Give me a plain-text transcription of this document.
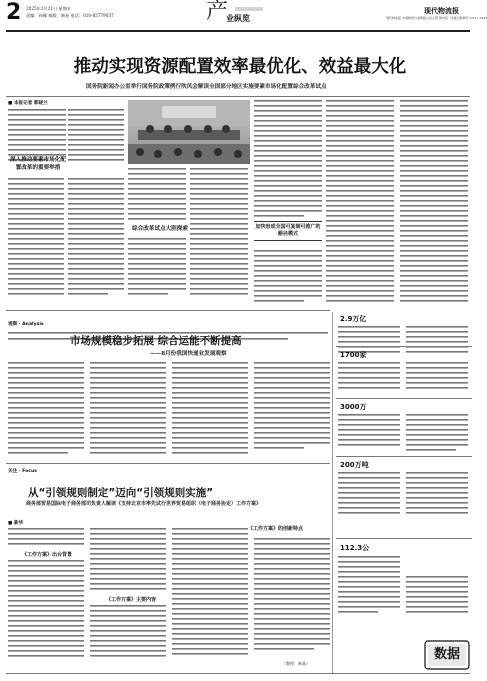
2 2025年3月21日 星期五
责编：孙娜 排版：韩星 电话：010-85779037	产
业纵览
现代物流报
现代物流报 中国物流与采购联合会主管 国内统一连续出版物号 CN11-0245
推动实现资源配置效率最优化、效益最大化
国务院新闻办公室举行国务院政策例行吹风会解读全国部分地区实施要素市场化配置综合改革试点
■ 本报记者 郭晓兰
深入推动要素市场化配置改革的重要举措
综合改革试点大胆探索	加快形成全国可复制可推广的路径模式
观察 · Analysis
市场规模稳步拓展 综合运能不断提高
——8月份我国快递业发展观察
关注 · Focus
从“引领规则制定”迈向“引领规则实施”
商务部贸易国际电子商务部司负责人解读《支持北京市率先试行世界贸易组织（电子商务协定）工作方案》
■ 新华
《工作方案》出台背景
《工作方案》主要内容
《工作方案》的创新特点
（整理：韩晶）
2.9万亿
1700家
3000万
200万吨
112.3公
数据
